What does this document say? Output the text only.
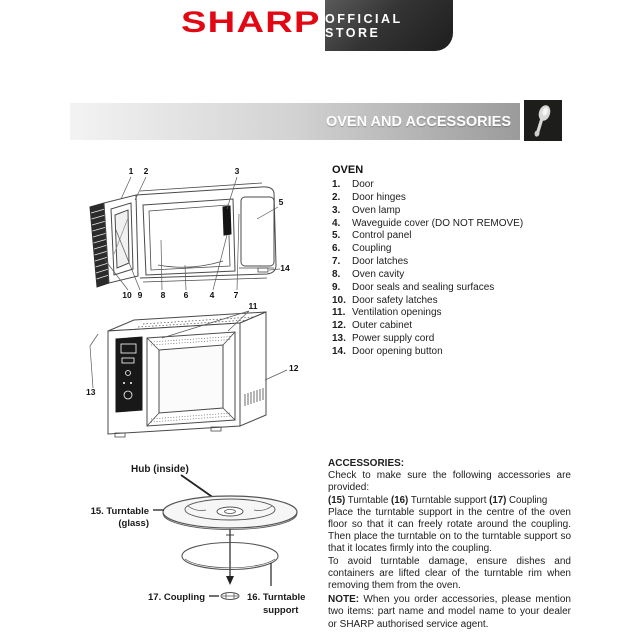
SHARP OFFICIAL STORE
OVEN AND ACCESSORIES
1 2	3
5
14
10 9 8 6	4 7
11
13
12
Hub (inside)
15. Turntable
(glass)
17. Coupling	16. Turntable
support
OVEN
1.	Door
2.	Door hinges
3.	Oven lamp
4.	Waveguide cover (DO NOT REMOVE)
5.	Control panel
6.	Coupling
7.	Door latches
8.	Oven cavity
9.	Door seals and sealing surfaces
10. Door safety latches
11. Ventilation openings
12. Outer cabinet
13. Power supply cord
14. Door opening button

ACCESSORIES:

Check to make sure the following accessories are provided:

(15) Turntable (16) Turntable support (17) Coupling

Place the turntable support in the centre of the oven floor so that it can freely rotate around the coupling. Then place the turntable on to the turntable support so that it locates firmly into the coupling.

To avoid turntable damage, ensure dishes and containers are lifted clear of the turntable rim when removing them from the oven.

NOTE: When you order accessories, please mention two items: part name and model name to your dealer or SHARP authorised service agent.
